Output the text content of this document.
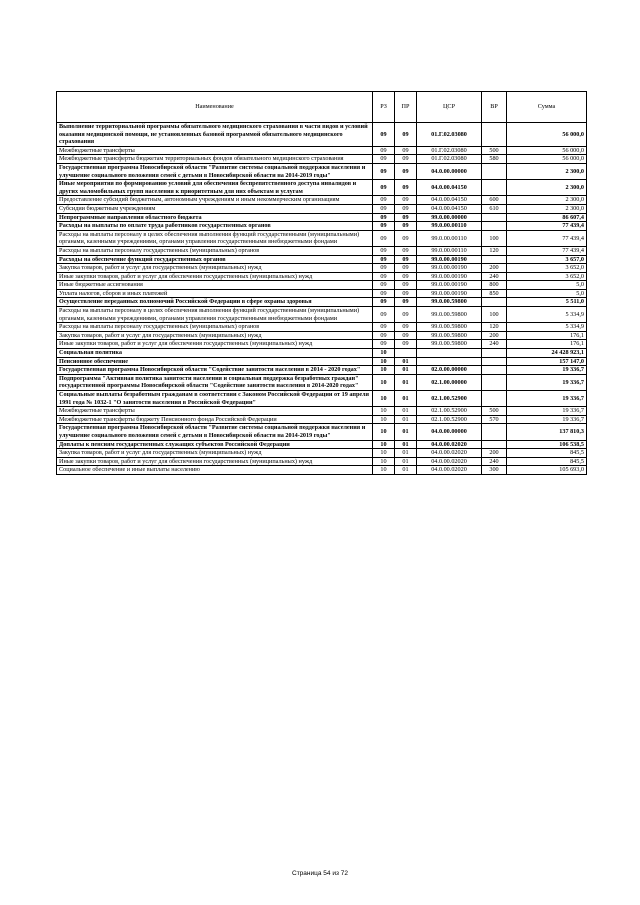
Наименование	РЗ	ПР	ЦСР	ВР	Сумма
Выполнение территориальной программы обязательного медицинского страхования в части видов и условий оказания медицинской помощи, не установленных базовой программой обязательного медицинского страхования	09	09	01.Г.02.03080		56 000,0
Межбюджетные трансферты	09	09	01.Г.02.03080	500	56 000,0
Межбюджетные трансферты бюджетам территориальных фондов обязательного медицинского страхования	09	09	01.Г.02.03080	580	56 000,0
Государственная программа Новосибирской области "Развитие системы социальной поддержки населения и улучшение социального положения семей с детьми в Новосибирской области на 2014-2019 годы"	09	09	04.0.00.00000		2 300,0
Иные мероприятия по формированию условий для обеспечения беспрепятственного доступа инвалидов и других маломобильных групп населения к приоритетным для них объектам и услугам	09	09	04.0.00.04150		2 300,0
Предоставление субсидий бюджетным, автономным учреждениям и иным некоммерческим организациям	09	09	04.0.00.04150	600	2 300,0
Субсидии бюджетным учреждениям	09	09	04.0.00.04150	610	2 300,0
Непрограммные направления областного бюджета	09	09	99.0.00.00000		86 607,4
Расходы на выплаты по оплате труда работников государственных органов	09	09	99.0.00.00110		77 439,4
Расходы на выплаты персоналу в целях обеспечения выполнения функций государственными (муниципальными) органами, казенными учреждениями, органами управления государственными внебюджетными фондами	09	09	99.0.00.00110	100	77 439,4
Расходы на выплаты персоналу государственных (муниципальных) органов	09	09	99.0.00.00110	120	77 439,4
Расходы на обеспечение функций государственных органов	09	09	99.0.00.00190		3 657,0
Закупка товаров, работ и услуг для государственных (муниципальных) нужд	09	09	99.0.00.00190	200	3 652,0
Иные закупки товаров, работ и услуг для обеспечения государственных (муниципальных) нужд	09	09	99.0.00.00190	240	3 652,0
Иные бюджетные ассигнования	09	09	99.0.00.00190	800	5,0
Уплата налогов, сборов и иных платежей	09	09	99.0.00.00190	850	5,0
Осуществление переданных полномочий Российской Федерации в сфере охраны здоровья	09	09	99.0.00.59800		5 511,0
Расходы на выплаты персоналу в целях обеспечения выполнения функций государственными (муниципальными) органами, казенными учреждениями, органами управления государственными внебюджетными фондами	09	09	99.0.00.59800	100	5 334,9
Расходы на выплаты персоналу государственных (муниципальных) органов	09	09	99.0.00.59800	120	5 334,9
Закупка товаров, работ и услуг для государственных (муниципальных) нужд	09	09	99.0.00.59800	200	176,1
Иные закупки товаров, работ и услуг для обеспечения государственных (муниципальных) нужд	09	09	99.0.00.59800	240	176,1
Социальная политика	10				24 428 923,1
Пенсионное обеспечение	10	01			157 147,0
Государственная программа Новосибирской области "Содействие занятости населения в 2014 - 2020 годах"	10	01	02.0.00.00000		19 336,7
Подпрограмма "Активная политика занятости населения и социальная поддержка безработных граждан" государственной программы Новосибирской области "Содействие занятости населения в 2014-2020 годах"	10	01	02.1.00.00000		19 336,7
Социальные выплаты безработным гражданам в соответствии с Законом Российской Федерации от 19 апреля 1991 года № 1032-1 "О занятости населения в Российской Федерации"	10	01	02.1.00.52900		19 336,7
Межбюджетные трансферты	10	01	02.1.00.52900	500	19 336,7
Межбюджетные трансферты бюджету Пенсионного фонда Российской Федерации	10	01	02.1.00.52900	570	19 336,7
Государственная программа Новосибирской области "Развитие системы социальной поддержки населения и улучшение социального положения семей с детьми в Новосибирской области на 2014-2019 годы"	10	01	04.0.00.00000		137 810,3
Доплаты к пенсиям государственных служащих субъектов Российской Федерации	10	01	04.0.00.02020		106 538,5
Закупка товаров, работ и услуг для государственных (муниципальных) нужд	10	01	04.0.00.02020	200	845,5
Иные закупки товаров, работ и услуг для обеспечения государственных (муниципальных) нужд	10	01	04.0.00.02020	240	845,5
Социальное обеспечение и иные выплаты населению	10	01	04.0.00.02020	300	105 693,0
Страница 54 из 72
